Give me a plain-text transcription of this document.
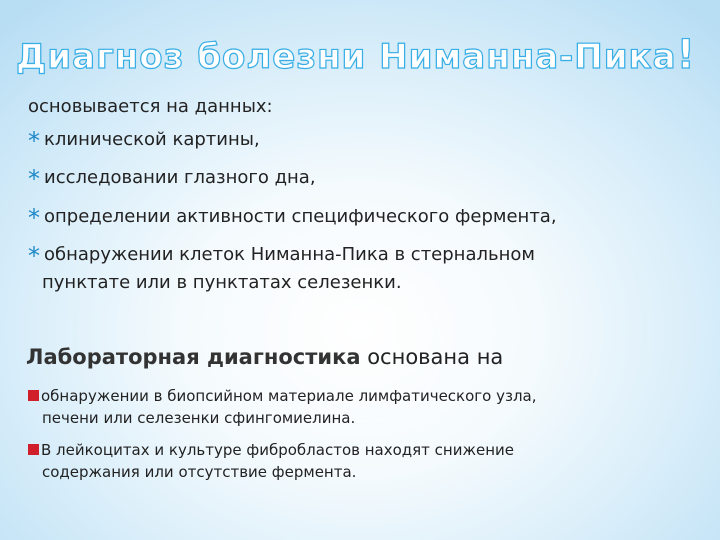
Диагноз болезни Ниманна-Пика!
основывается на данных:
* клинической картины,
* исследовании глазного дна,
* определении активности специфического фермента,
* обнаружении клеток Ниманна-Пика в стернальном
пунктате или в пунктатах селезенки.
Лабораторная диагностика основана на
обнаружении в биопсийном материале лимфатического узла,
печени или селезенки сфингомиелина.
В лейкоцитах и культуре фибробластов находят снижение
содержания или отсутствие фермента.
